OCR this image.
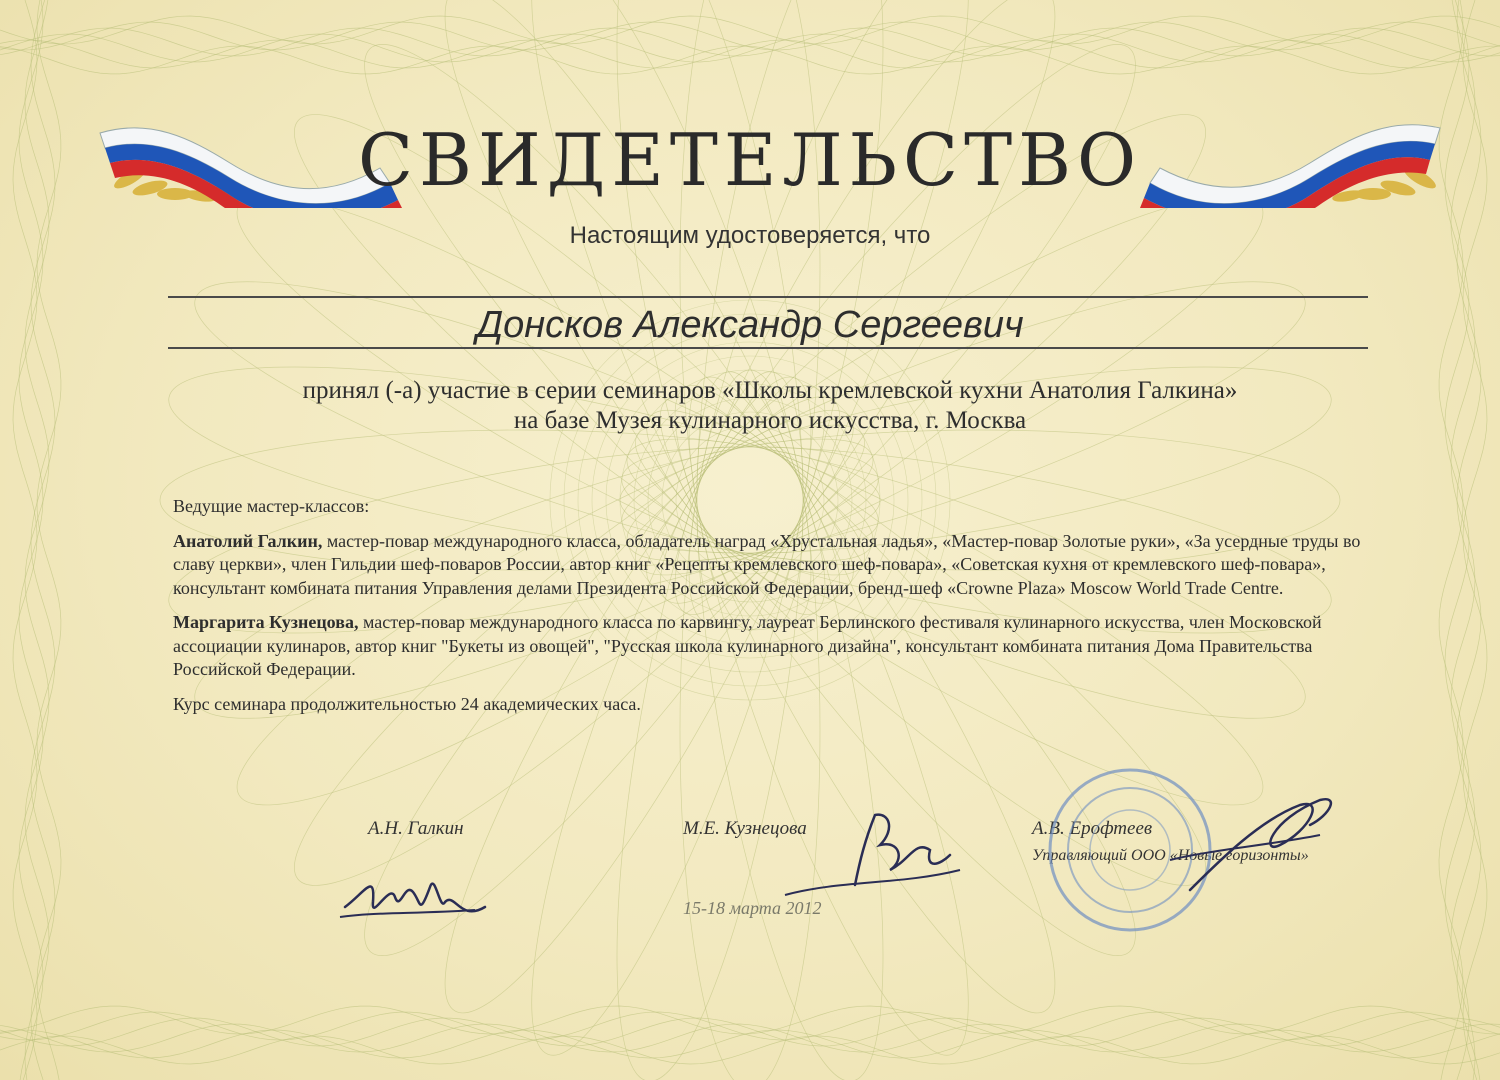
СВИДЕТЕЛЬСТВО
Настоящим удостоверяется, что
Донсков Александр Сергеевич
принял (-а) участие в серии семинаров «Школы кремлевской кухни Анатолия Галкина»
на базе Музея кулинарного искусства, г. Москва

Ведущие мастер-классов:

Анатолий Галкин, мастер-повар международного класса, обладатель наград «Хрустальная ладья», «Мастер-повар Золотые руки», «За усердные труды во славу церкви», член Гильдии шеф-поваров России, автор книг «Рецепты кремлевского шеф-повара», «Советская кухня от кремлевского шеф-повара», консультант комбината питания Управления делами Президента Российской Федерации, бренд-шеф «Crowne Plaza» Moscow World Trade Centre.

Маргарита Кузнецова, мастер-повар международного класса по карвингу, лауреат Берлинского фестиваля кулинарного искусства, член Московской ассоциации кулинаров, автор книг "Букеты из овощей", "Русская школа кулинарного дизайна", консультант комбината питания Дома Правительства Российской Федерации.

Курс семинара продолжительностью 24 академических часа.

А.Н. Галкин	М.Е. Кузнецова	А.В. Ерофтеев
Управляющий ООО «Новые горизонты»
15-18 марта 2012
